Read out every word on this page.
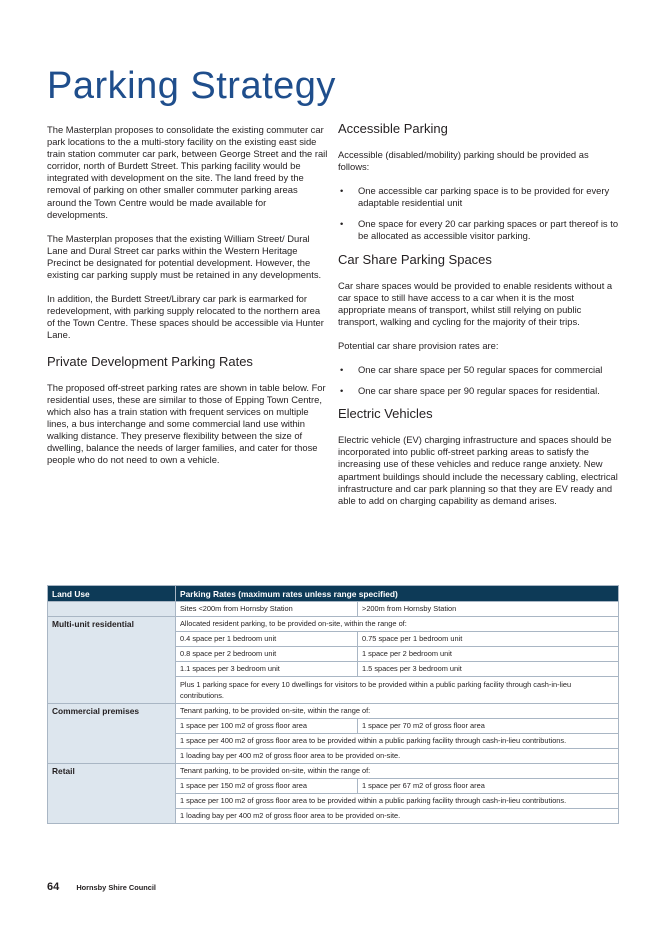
Parking Strategy

The Masterplan proposes to consolidate the existing commuter car park locations to the a multi-story facility on the existing east side train station commuter car park, between George Street and the rail corridor, north of Burdett Street. This parking facility would be integrated with development on the site. The land freed by the removal of parking on other smaller commuter parking areas around the Town Centre would be made available for developments.

The Masterplan proposes that the existing William Street/ Dural Lane and Dural Street car parks within the Western Heritage Precinct be designated for potential development. However, the existing car parking supply must be retained in any developments.

In addition, the Burdett Street/Library car park is earmarked for redevelopment, with parking supply relocated to the northern area of the Town Centre. These spaces should be accessible via Hunter Lane.

Private Development Parking Rates

The proposed off-street parking rates are shown in table below. For residential uses, these are similar to those of Epping Town Centre, which also has a train station with frequent services on multiple lines, a bus interchange and some commercial land use within walking distance. They preserve flexibility between the size of dwelling, balance the needs of larger families, and cater for those people who do not need to own a vehicle.

Accessible Parking

Accessible (disabled/mobility) parking should be provided as follows:

• One accessible car parking space is to be provided for every adaptable residential unit
• One space for every 20 car parking spaces or part thereof is to be allocated as accessible visitor parking.
Car Share Parking Spaces

Car share spaces would be provided to enable residents without a car space to still have access to a car when it is the most appropriate means of transport, whilst still relying on public transport, walking and cycling for the majority of their trips.

Potential car share provision rates are:

• One car share space per 50 regular spaces for commercial
• One car share space per 90 regular spaces for residential.
Electric Vehicles

Electric vehicle (EV) charging infrastructure and spaces should be incorporated into public off-street parking areas to satisfy the increasing use of these vehicles and reduce range anxiety. New apartment buildings should include the necessary cabling, electrical infrastructure and car park planning so that they are EV ready and able to add on charging capability as demand arises.

Land Use	Parking Rates (maximum rates unless range specified)	
	Sites <200m from Hornsby Station	>200m from Hornsby Station
Multi-unit residential	Allocated resident parking, to be provided on-site, within the range of:	
	0.4 space per 1 bedroom unit	0.75 space per 1 bedroom unit
	0.8 space per 2 bedroom unit	1 space per 2 bedroom unit
	1.1 spaces per 3 bedroom unit	1.5 spaces per 3 bedroom unit
	Plus 1 parking space for every 10 dwellings for visitors to be provided within a public parking facility through cash-in-lieu contributions.	
Commercial premises	Tenant parking, to be provided on-site, within the range of:	
	1 space per 100 m2 of gross floor area	1 space per 70 m2 of gross floor area
	1 space per 400 m2 of gross floor area to be provided within a public parking facility through cash-in-lieu contributions.	
	1 loading bay per 400 m2 of gross floor area to be provided on-site.	
Retail	Tenant parking, to be provided on-site, within the range of:	
	1 space per 150 m2 of gross floor area	1 space per 67 m2 of gross floor area
	1 space per 100 m2 of gross floor area to be provided within a public parking facility through cash-in-lieu contributions.	
	1 loading bay per 400 m2 of gross floor area to be provided on-site.	
64 Hornsby Shire Council
